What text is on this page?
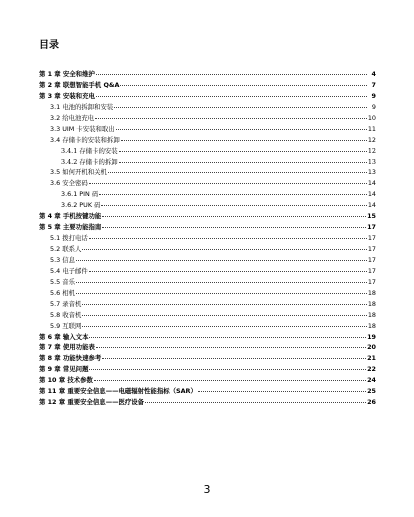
目录
第 1 章 安全和维护	4
第 2 章 联想智能手机 Q&A	7
第 3 章 安装和充电	9
3.1 电池的拆卸和安装	9
3.2 给电池充电	10
3.3 UIM 卡安装和取出	11
3.4 存储卡的安装和拆卸	12
3.4.1 存储卡的安装	12
3.4.2 存储卡的拆卸	13
3.5 如何开机和关机	13
3.6 安全密码	14
3.6.1 PIN 码	14
3.6.2 PUK 码	14
第 4 章 手机按键功能	15
第 5 章 主要功能指南	17
5.1 拨打电话	17
5.2 联系人	17
5.3 信息	17
5.4 电子邮件	17
5.5 音乐	17
5.6 相机	18
5.7 录音机	18
5.8 收音机	18
5.9 互联网	18
第 6 章 输入文本	19
第 7 章 使用功能表	20
第 8 章 功能快速参考	21
第 9 章 常见问题	22
第 10 章 技术参数	24
第 11 章 重要安全信息——电磁辐射性能指标（SAR）	25
第 12 章 重要安全信息——医疗设备	26
3
